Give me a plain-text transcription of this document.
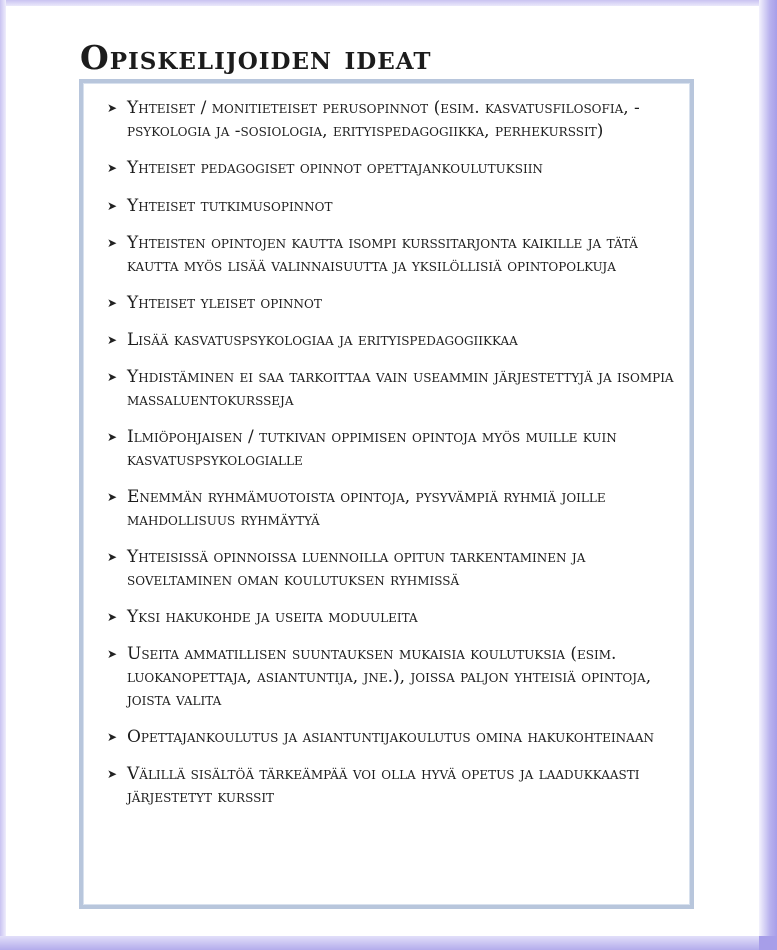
Opiskelijoiden ideat
➤ Yhteiset / monitieteiset perusopinnot (esim. kasvatusfilosofia, -psykologia ja -sosiologia, erityispedagogiikka, perhekurssit)
➤ Yhteiset pedagogiset opinnot opettajankoulutuksiin
➤ Yhteiset tutkimusopinnot
➤ Yhteisten opintojen kautta isompi kurssitarjonta kaikille ja tätä kautta myös lisää valinnaisuutta ja yksilöllisiä opintopolkuja
➤ Yhteiset yleiset opinnot
➤ Lisää kasvatuspsykologiaa ja erityispedagogiikkaa
➤ Yhdistäminen ei saa tarkoittaa vain useammin järjestettyjä ja isompia massaluentokursseja
➤ Ilmiöpohjaisen / tutkivan oppimisen opintoja myös muille kuin kasvatuspsykologialle
➤ Enemmän ryhmämuotoista opintoja, pysyvämpiä ryhmiä joille mahdollisuus ryhmäytyä
➤ Yhteisissä opinnoissa luennoilla opitun tarkentaminen ja soveltaminen oman koulutuksen ryhmissä
➤ Yksi hakukohde ja useita moduuleita
➤ Useita ammatillisen suuntauksen mukaisia koulutuksia (esim. luokanopettaja, asiantuntija, jne.), joissa paljon yhteisiä opintoja, joista valita
➤ Opettajankoulutus ja asiantuntijakoulutus omina hakukohteinaan
➤ Välillä sisältöä tärkeämpää voi olla hyvä opetus ja laadukkaasti järjestetyt kurssit
